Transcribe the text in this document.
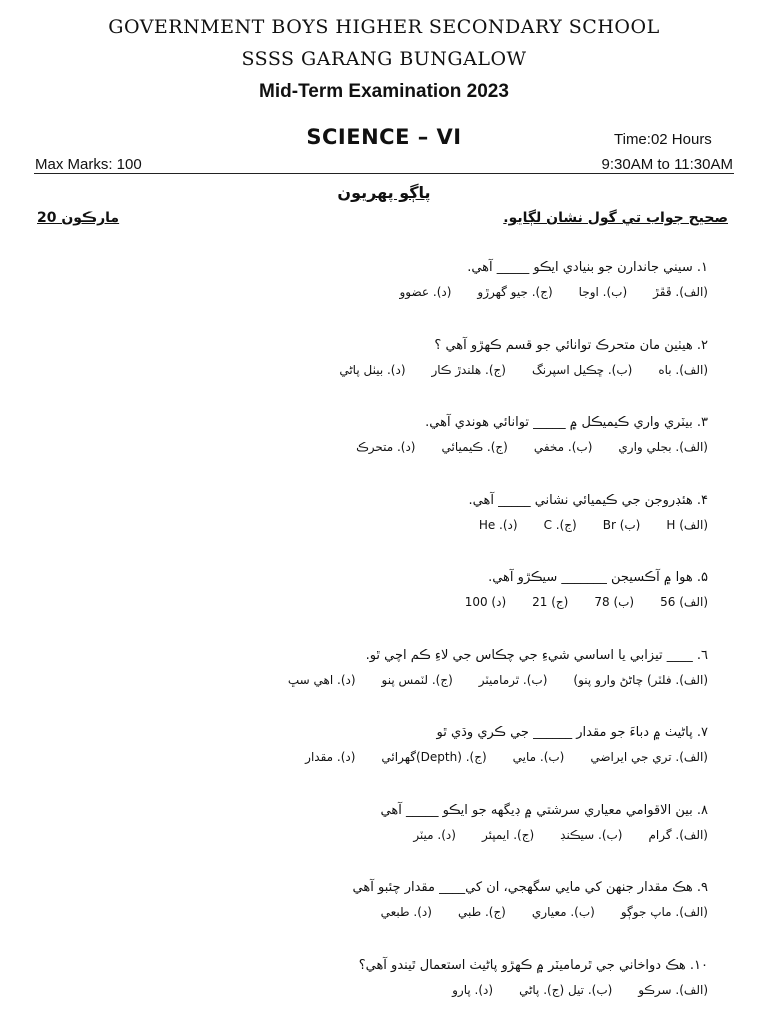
GOVERNMENT BOYS HIGHER SECONDARY SCHOOL
SSSS GARANG BUNGALOW
Mid-Term Examination 2023
SCIENCE – VI	Time:02 Hours
Max Marks: 100	9:30AM to 11:30AM
پاڳو پهريون
صحيح جواب تي گول نشان لڳايو.
مارڪون 20
١. سيني جاندارن جو بنيادي ايڪو _____ آهي.
(الف). ڦڦڙ(ب). اوجا(ج). جيو گهرڙو(د). عضوو
٢. هيٺين مان متحرڪ توانائي جو قسم ڪهڙو آهي ؟
(الف). باه(ب). ڇڪيل اسپرنگ(ج). هلندڙ ڪار(د). بيٺل پاڻي
٣. بيٽري واري ڪيميڪل ۾ _____ توانائي هوندي آهي.
(الف). بجلي واري(ب). مخفي(ج). ڪيميائي(د). متحرڪ
۴. هئڊروجن جي ڪيميائي نشاني _____ آهي.
(الف) H(ب) Br(ج). C(د). He
۵. هوا ۾ آڪسيجن _______ سيڪڙو آهي.
(الف) 56(ب) 78(ج) 21(د) 100
٦. ____ تيزابي يا اساسي شيءِ جي چڪاس جي لاءِ ڪم اچي ٿو.
(الف). فلٽر) چاڻڻ وارو پنو)(ب). ٿرماميٽر(ج). لٽمس پنو(د). اهي سڀ
٧. پاڻيٺ ۾ دباءَ جو مقدار ______ جي ڪري وڌي ٿو
(الف). تري جي ايراضي(ب). مايي(ج). (Depth)گهرائي(د). مقدار
٨. بين الاقوامي معياري سرشتي ۾ ڊيگهه جو ايڪو _____ آهي
(الف). گرام(ب). سيڪنڊ(ج). ايمپئر(د). ميٽر
٩. هڪ مقدار جنهن کي مايي سگهجي، ان کي____ مقدار چئبو آهي
(الف). ماپ جوڳو(ب). معياري(ج). طبي(د). طبعي
١٠. هڪ دواخاني جي ٿرماميٽر ۾ ڪهڙو پاڻيٺ استعمال ٿيندو آهي؟
(الف). سرڪو(ب). تيل (ج). پاڻي(د). پارو
